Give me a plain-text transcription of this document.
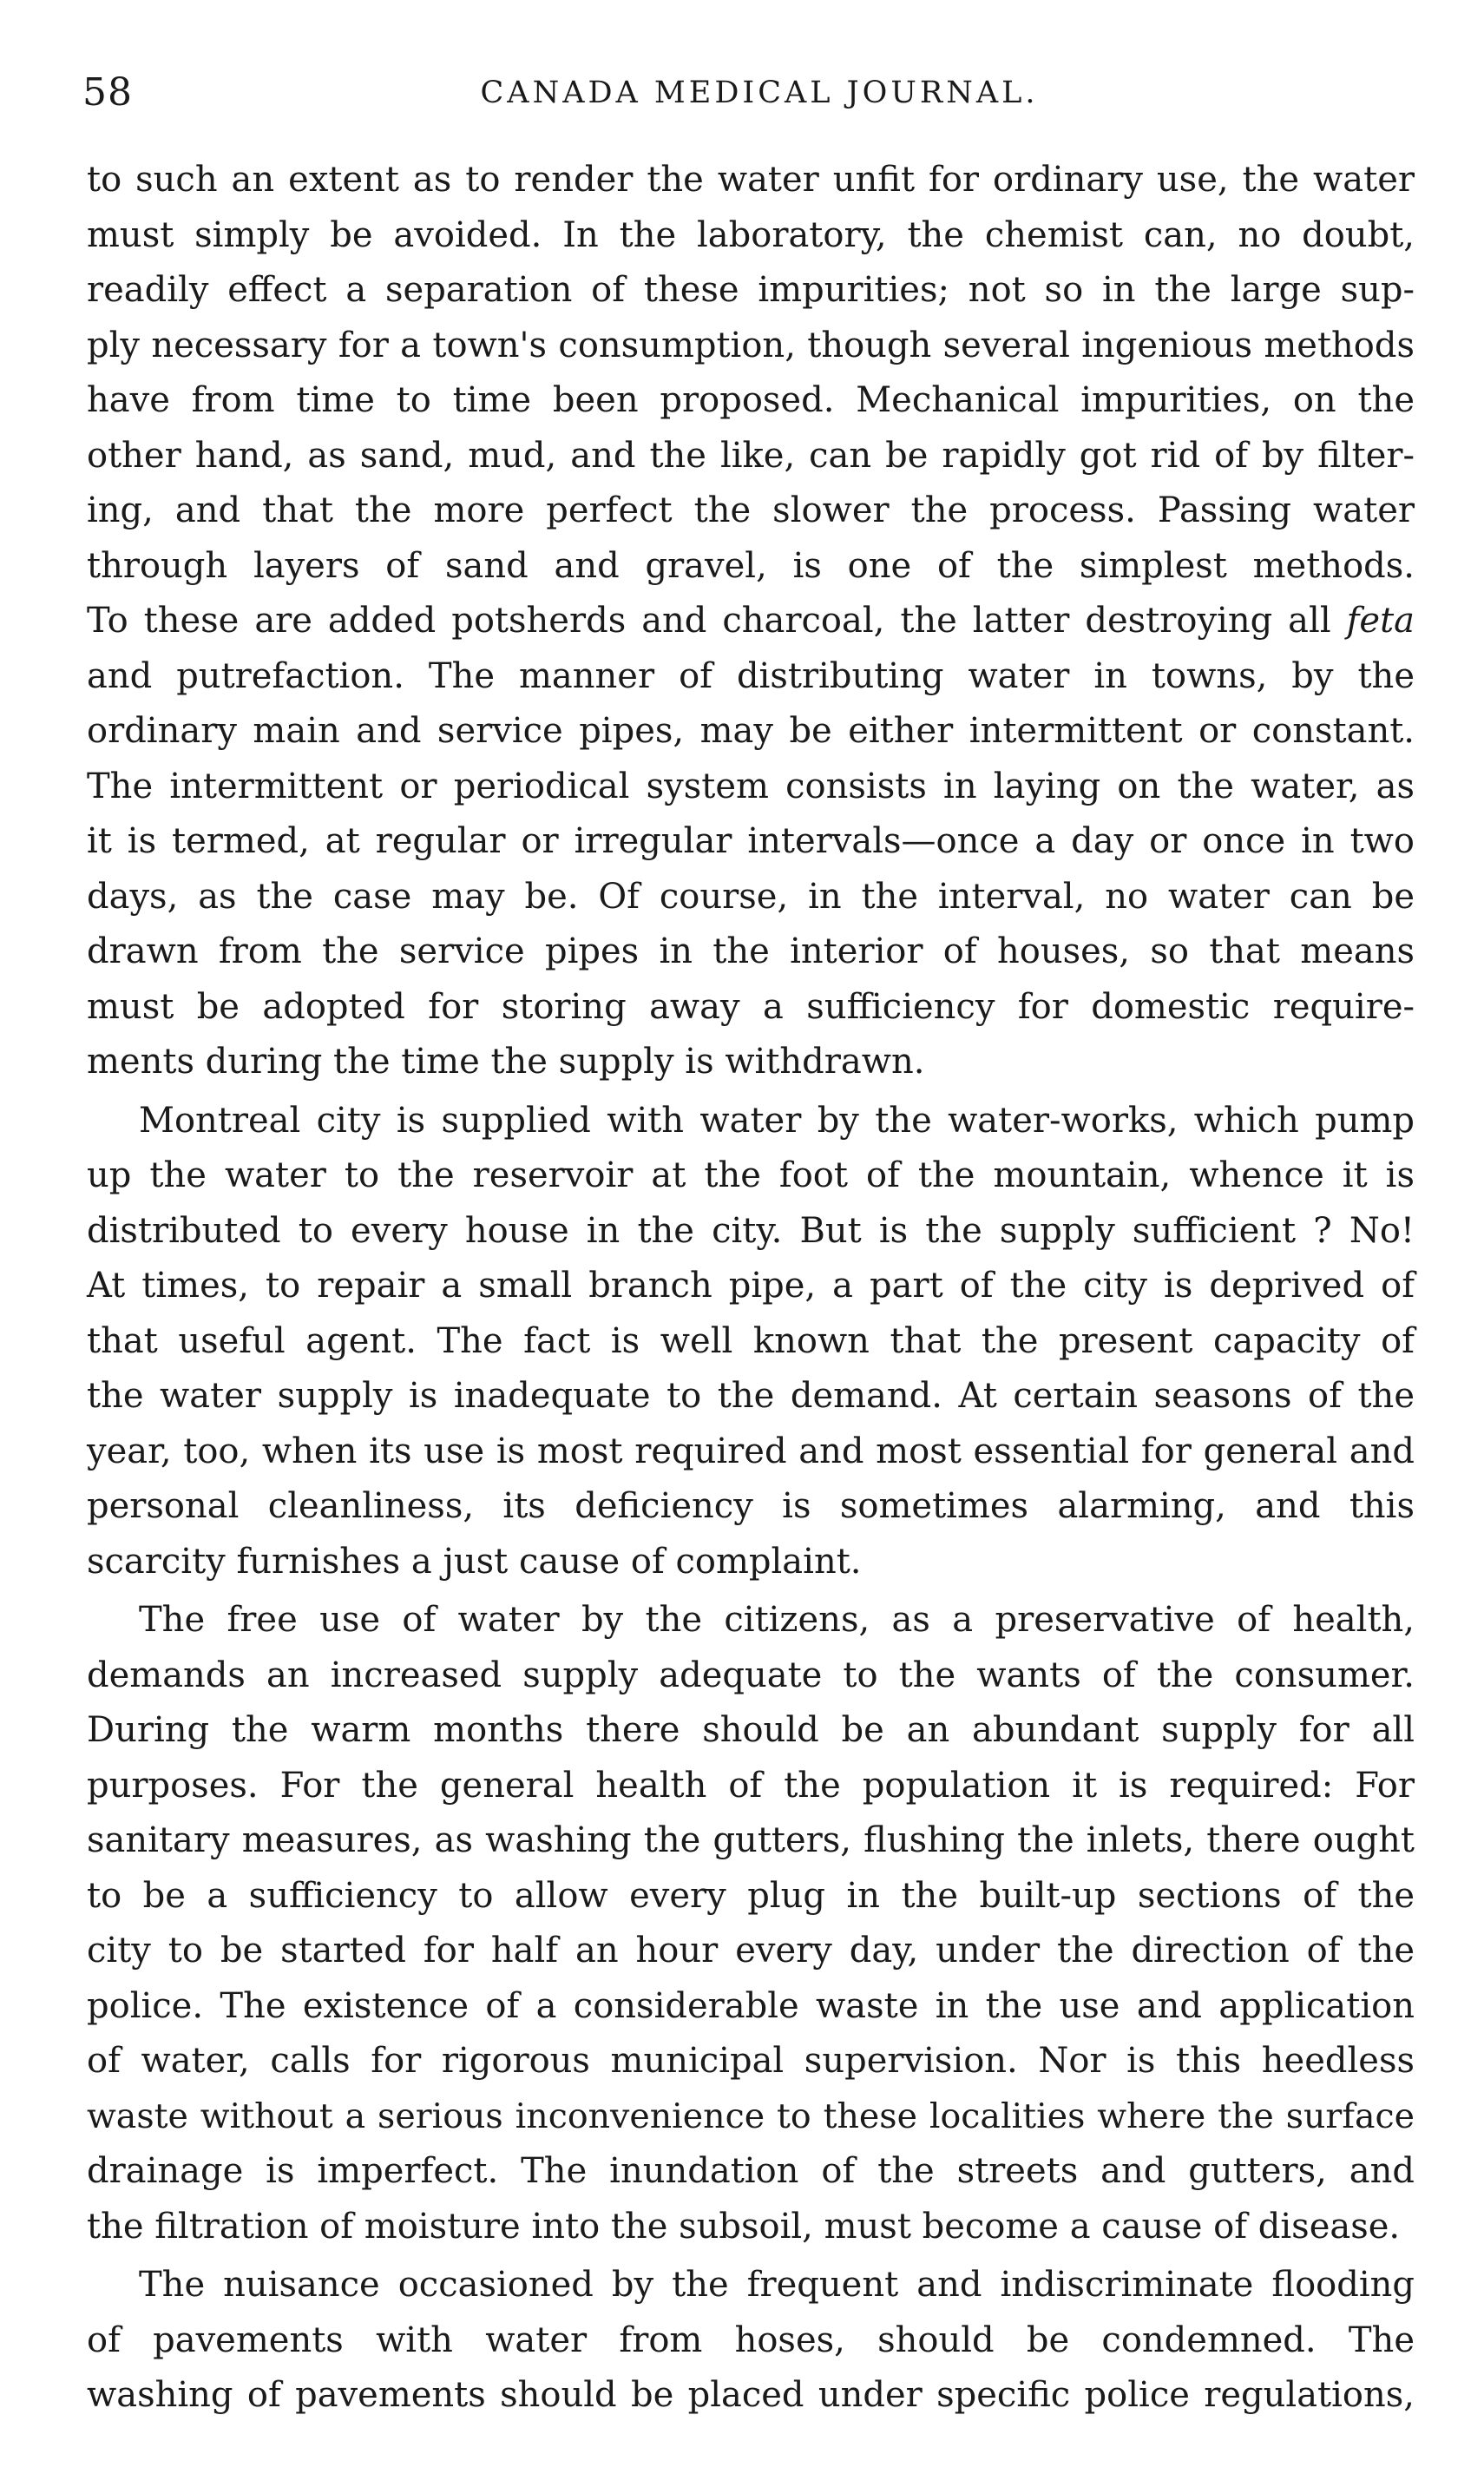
58	CANADA MEDICAL JOURNAL.
to such an extent as to render the water unfit for ordinary use, the water
must simply be avoided. In the laboratory, the chemist can, no doubt,
readily effect a separation of these impurities; not so in the large sup-
ply necessary for a town's consumption, though several ingenious methods
have from time to time been proposed. Mechanical impurities, on the
other hand, as sand, mud, and the like, can be rapidly got rid of by filter-
ing, and that the more perfect the slower the process. Passing water
through layers of sand and gravel, is one of the simplest methods.
To these are added potsherds and charcoal, the latter destroying all feta
and putrefaction. The manner of distributing water in towns, by the
ordinary main and service pipes, may be either intermittent or constant.
The intermittent or periodical system consists in laying on the water, as
it is termed, at regular or irregular intervals—once a day or once in two
days, as the case may be. Of course, in the interval, no water can be
drawn from the service pipes in the interior of houses, so that means
must be adopted for storing away a sufficiency for domestic require-
ments during the time the supply is withdrawn.
Montreal city is supplied with water by the water-works, which pump
up the water to the reservoir at the foot of the mountain, whence it is
distributed to every house in the city. But is the supply sufficient ? No!
At times, to repair a small branch pipe, a part of the city is deprived of
that useful agent. The fact is well known that the present capacity of
the water supply is inadequate to the demand. At certain seasons of the
year, too, when its use is most required and most essential for general and
personal cleanliness, its deficiency is sometimes alarming, and this
scarcity furnishes a just cause of complaint.
The free use of water by the citizens, as a preservative of health,
demands an increased supply adequate to the wants of the consumer.
During the warm months there should be an abundant supply for all
purposes. For the general health of the population it is required: For
sanitary measures, as washing the gutters, flushing the inlets, there ought
to be a sufficiency to allow every plug in the built-up sections of the
city to be started for half an hour every day, under the direction of the
police. The existence of a considerable waste in the use and application
of water, calls for rigorous municipal supervision. Nor is this heedless
waste without a serious inconvenience to these localities where the surface
drainage is imperfect. The inundation of the streets and gutters, and
the filtration of moisture into the subsoil, must become a cause of disease.
The nuisance occasioned by the frequent and indiscriminate flooding
of pavements with water from hoses, should be condemned. The
washing of pavements should be placed under specific police regulations,
